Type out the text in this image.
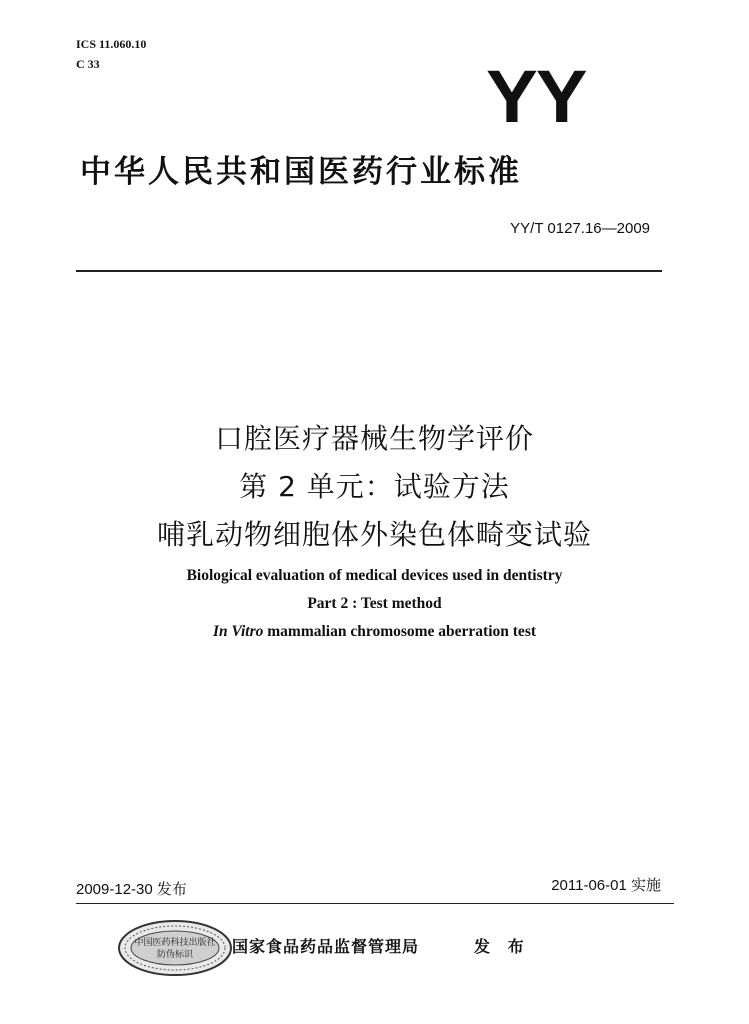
ICS 11.060.10
C 33	YY
中华人民共和国医药行业标准
YY/T 0127.16—2009
口腔医疗器械生物学评价
第 2 单元：试验方法
哺乳动物细胞体外染色体畸变试验
Biological evaluation of medical devices used in dentistry
Part 2 : Test method
In Vitro mammalian chromosome aberration test
2009-12-30 发布	2011-06-01 实施
中国医药科技出版社
防伪标识 国家食品药品监督管理局	发 布
